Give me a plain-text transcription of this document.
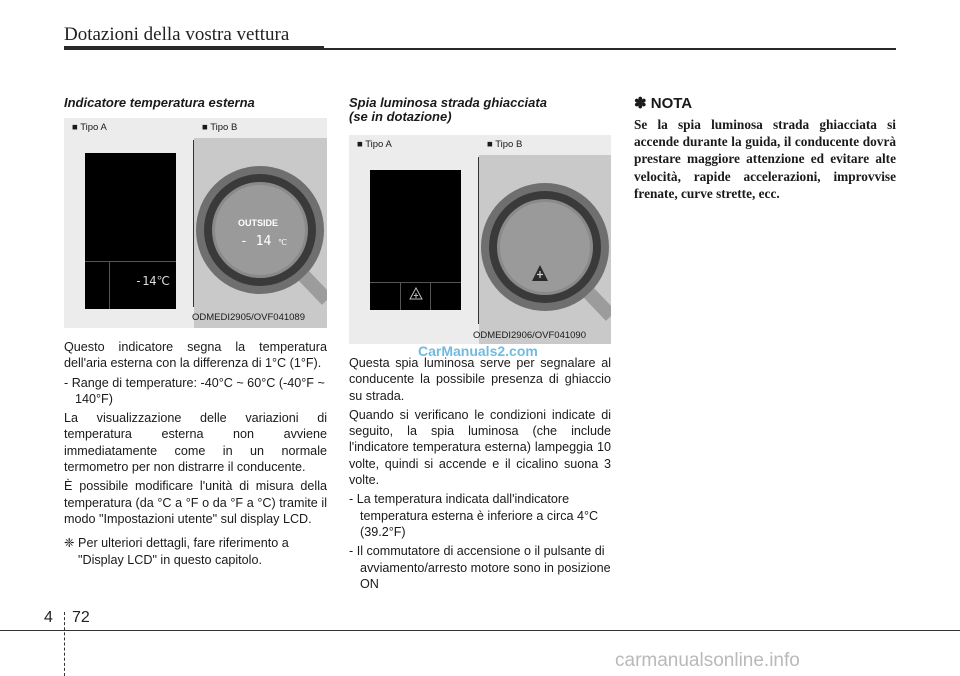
Dotazioni della vostra vettura
Indicatore temperatura esterna
■ Tipo A	■ Tipo B
-14℃
OUTSIDE
- 14 ℃
ODMEDI2905/OVF041089

Questo indicatore segna la temperatura dell'aria esterna con la differenza di 1°C (1°F).

- Range di temperature: -40°C ~ 60°C (-40°F ~ 140°F)

La visualizzazione delle variazioni di temperatura esterna non avviene immediatamente come in un normale termometro per non distrarre il conducente.

È possibile modificare l'unità di misura della temperatura (da °C a °F o da °F a °C) tramite il modo "Impostazioni utente" sul display LCD.

❈ Per ulteriori dettagli, fare riferimento a "Display LCD" in questo capitolo.

Spia luminosa strada ghiacciata
(se in dotazione)
■ Tipo A	■ Tipo B
ODMEDI2906/OVF041090

Questa spia luminosa serve per segnalare al conducente la possibile presenza di ghiaccio su strada.

Quando si verificano le condizioni indicate di seguito, la spia luminosa (che include l'indicatore temperatura esterna) lampeggia 10 volte, quindi si accende e il cicalino suona 3 volte.

- La temperatura indicata dall'indicatore temperatura esterna è inferiore a circa 4°C (39.2°F)

- Il commutatore di accensione o il pulsante di avviamento/arresto motore sono in posizione ON

✽ NOTA
Se la spia luminosa strada ghiacciata si accende durante la guida, il conducente dovrà prestare maggiore attenzione ed evitare alte velocità, rapide accelerazioni, improvvise frenate, curve strette, ecc.
CarManuals2.com
carmanualsonline.info
4 72
